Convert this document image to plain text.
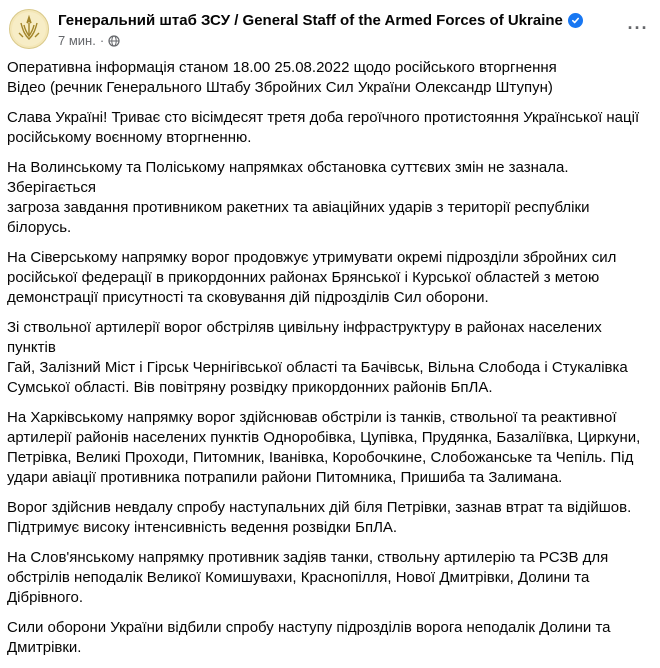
Генеральний штаб ЗСУ / General Staff of the Armed Forces of Ukraine
7 мин. ·
···

Оперативна інформація станом 18.00 25.08.2022 щодо російського вторгнення
Відео (речник Генерального Штабу Збройних Сил України Олександр Штупун)

Слава Україні! Триває сто вісімдесят третя доба героїчного протистояння Української нації
російському воєнному вторгненню.

На Волинському та Поліському напрямках обстановка суттєвих змін не зазнала. Зберігається
загроза завдання противником ракетних та авіаційних ударів з території республіки
білорусь.

На Сіверському напрямку ворог продовжує утримувати окремі підрозділи збройних сил
російської федерації в прикордонних районах Брянської і Курської областей з метою
демонстрації присутності та сковування дій підрозділів Сил оборони.

Зі ствольної артилерії ворог обстріляв цивільну інфраструктуру в районах населених пунктів
Гай, Залізний Міст і Гірськ Чернігівської області та Бачівськ, Вільна Слобода і Стукалівка
Сумської області. Вів повітряну розвідку прикордонних районів БпЛА.

На Харківському напрямку ворог здійснював обстріли із танків, ствольної та реактивної
артилерії районів населених пунктів Одноробівка, Цупівка, Прудянка, Базаліївка, Циркуни,
Петрівка, Великі Проходи, Питомник, Іванівка, Коробочкине, Слобожанське та Чепіль. Під
удари авіації противника потрапили райони Питомника, Пришиба та Залимана.

Ворог здійснив невдалу спробу наступальних дій біля Петрівки, зазнав втрат та відійшов.
Підтримує високу інтенсивність ведення розвідки БпЛА.

На Слов'янському напрямку противник задіяв танки, ствольну артилерію та РСЗВ для
обстрілів неподалік Великої Комишувахи, Краснопілля, Нової Дмитрівки, Долини та
Дібрівного.

Сили оборони України відбили спробу наступу підрозділів ворога неподалік Долини та
Дмитрівки.
